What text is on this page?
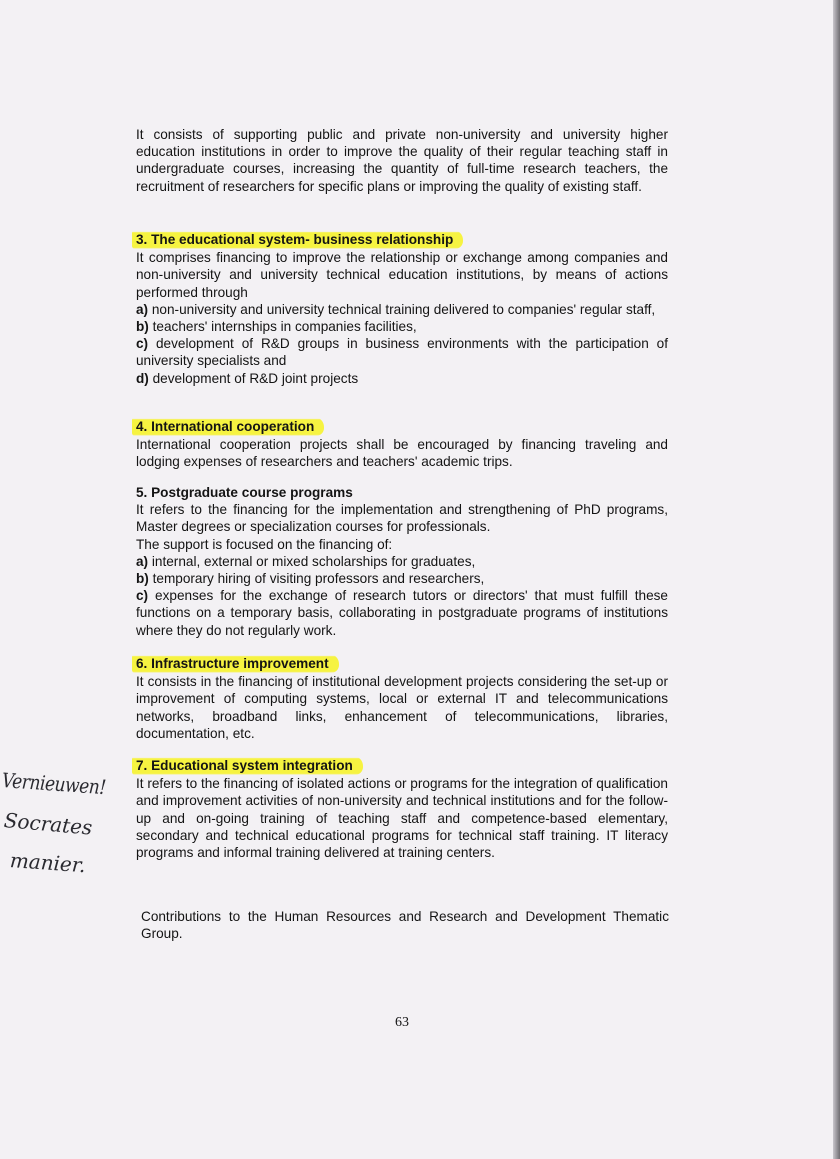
It consists of supporting public and private non-university and university higher education institutions in order to improve the quality of their regular teaching staff in undergraduate courses, increasing the quantity of full-time research teachers, the recruitment of researchers for specific plans or improving the quality of existing staff.
3. The educational system- business relationship
It comprises financing to improve the relationship or exchange among companies and non-university and university technical education institutions, by means of actions performed through
a) non-university and university technical training delivered to companies' regular staff,
b) teachers' internships in companies facilities,
c) development of R&D groups in business environments with the participation of university specialists and
d) development of R&D joint projects
4. International cooperation
International cooperation projects shall be encouraged by financing traveling and lodging expenses of researchers and teachers' academic trips.
5. Postgraduate course programs
It refers to the financing for the implementation and strengthening of PhD programs, Master degrees or specialization courses for professionals.
The support is focused on the financing of:
a) internal, external or mixed scholarships for graduates,
b) temporary hiring of visiting professors and researchers,
c) expenses for the exchange of research tutors or directors' that must fulfill these functions on a temporary basis, collaborating in postgraduate programs of institutions where they do not regularly work.
6. Infrastructure improvement
It consists in the financing of institutional development projects considering the set-up or improvement of computing systems, local or external IT and telecommunications networks, broadband links, enhancement of telecommunications, libraries, documentation, etc.
7. Educational system integration
It refers to the financing of isolated actions or programs for the integration of qualification and improvement activities of non-university and technical institutions and for the follow-up and on-going training of teaching staff and competence-based elementary, secondary and technical educational programs for technical staff training. IT literacy programs and informal training delivered at training centers.
Contributions to the Human Resources and Research and Development Thematic Group.
63
Vernieuwen!
Socrates
manier.
